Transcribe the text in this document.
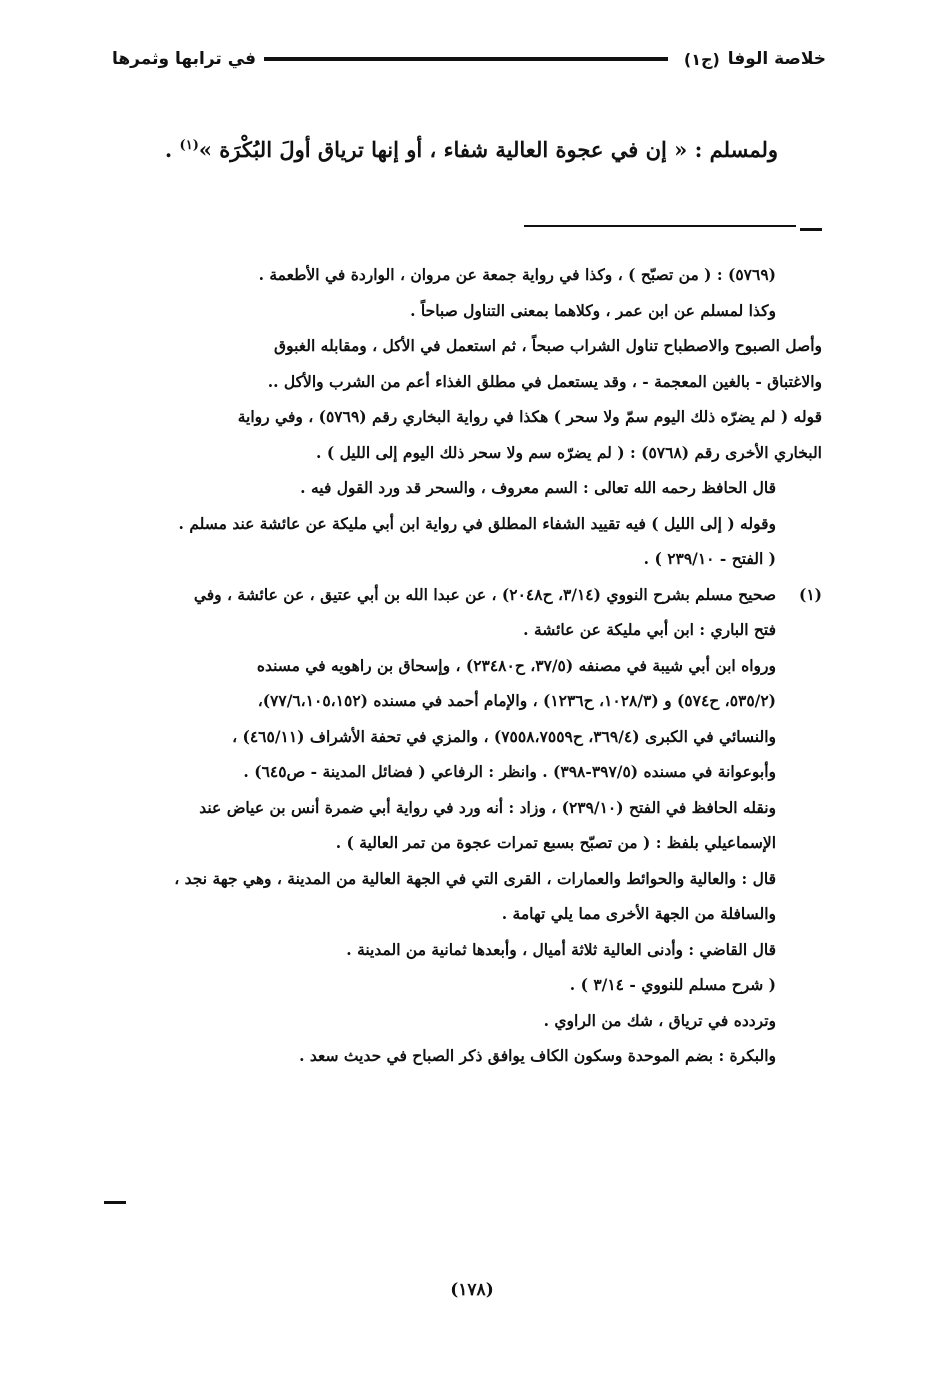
خلاصة الوفا
(ج١)
في ترابها وثمرها
ولمسلم : « إن في عجوة العالية شفاء ، أو إنها ترياق أولَ البُكْرَة »$^{(١)}$ .
(٥٧٦٩) : ( من تصبّح ) ، وكذا في رواية جمعة عن مروان ، الواردة في الأطعمة .
وكذا لمسلم عن ابن عمر ، وكلاهما بمعنى التناول صباحاً .
وأصل الصبوح والاصطباح تناول الشراب صبحاً ، ثم استعمل في الأكل ، ومقابله الغبوق
والاغتباق - بالغين المعجمة - ، وقد يستعمل في مطلق الغذاء أعم من الشرب والأكل ..
قوله ( لم يضرّه ذلك اليوم سمّ ولا سحر ) هكذا في رواية البخاري رقم (٥٧٦٩) ، وفي رواية
البخاري الأخرى رقم (٥٧٦٨) : ( لم يضرّه سم ولا سحر ذلك اليوم إلى الليل ) .
قال الحافظ رحمه الله تعالى : السم معروف ، والسحر قد ورد القول فيه .
وقوله ( إلى الليل ) فيه تقييد الشفاء المطلق في رواية ابن أبي مليكة عن عائشة عند مسلم .
( الفتح - ٢٣٩/١٠ ) .
(١)
صحيح مسلم بشرح النووي (٣/١٤، ح٢٠٤٨) ، عن عبدا الله بن أبي عتيق ، عن عائشة ، وفي
فتح الباري : ابن أبي مليكة عن عائشة .
ورواه ابن أبي شيبة في مصنفه (٣٧/٥، ح٢٣٤٨٠) ، وإسحاق بن راهويه في مسنده
(٥٣٥/٢، ح٥٧٤) و (١٠٢٨/٣، ح١٢٣٦) ، والإمام أحمد في مسنده (٧٧/٦،١٠٥،١٥٢)،
والنسائي في الكبرى (٣٦٩/٤، ح٧٥٥٨،٧٥٥٩) ، والمزي في تحفة الأشراف (٤٦٥/١١) ،
وأبوعوانة في مسنده (٣٩٧/٥-٣٩٨) . وانظر : الرفاعي ( فضائل المدينة - ص٦٤٥) .
ونقله الحافظ في الفتح (٢٣٩/١٠) ، وزاد : أنه ورد في رواية أبي ضمرة أنس بن عياض عند
الإسماعيلي بلفظ : ( من تصبّح بسبع تمرات عجوة من تمر العالية ) .
قال : والعالية والحوائط والعمارات ، القرى التي في الجهة العالية من المدينة ، وهي جهة نجد ،
والسافلة من الجهة الأخرى مما يلي تهامة .
قال القاضي : وأدنى العالية ثلاثة أميال ، وأبعدها ثمانية من المدينة .
( شرح مسلم للنووي - ٣/١٤ ) .
وتردده في ترياق ، شك من الراوي .
والبكرة : بضم الموحدة وسكون الكاف يوافق ذكر الصباح في حديث سعد .
(١٧٨)
